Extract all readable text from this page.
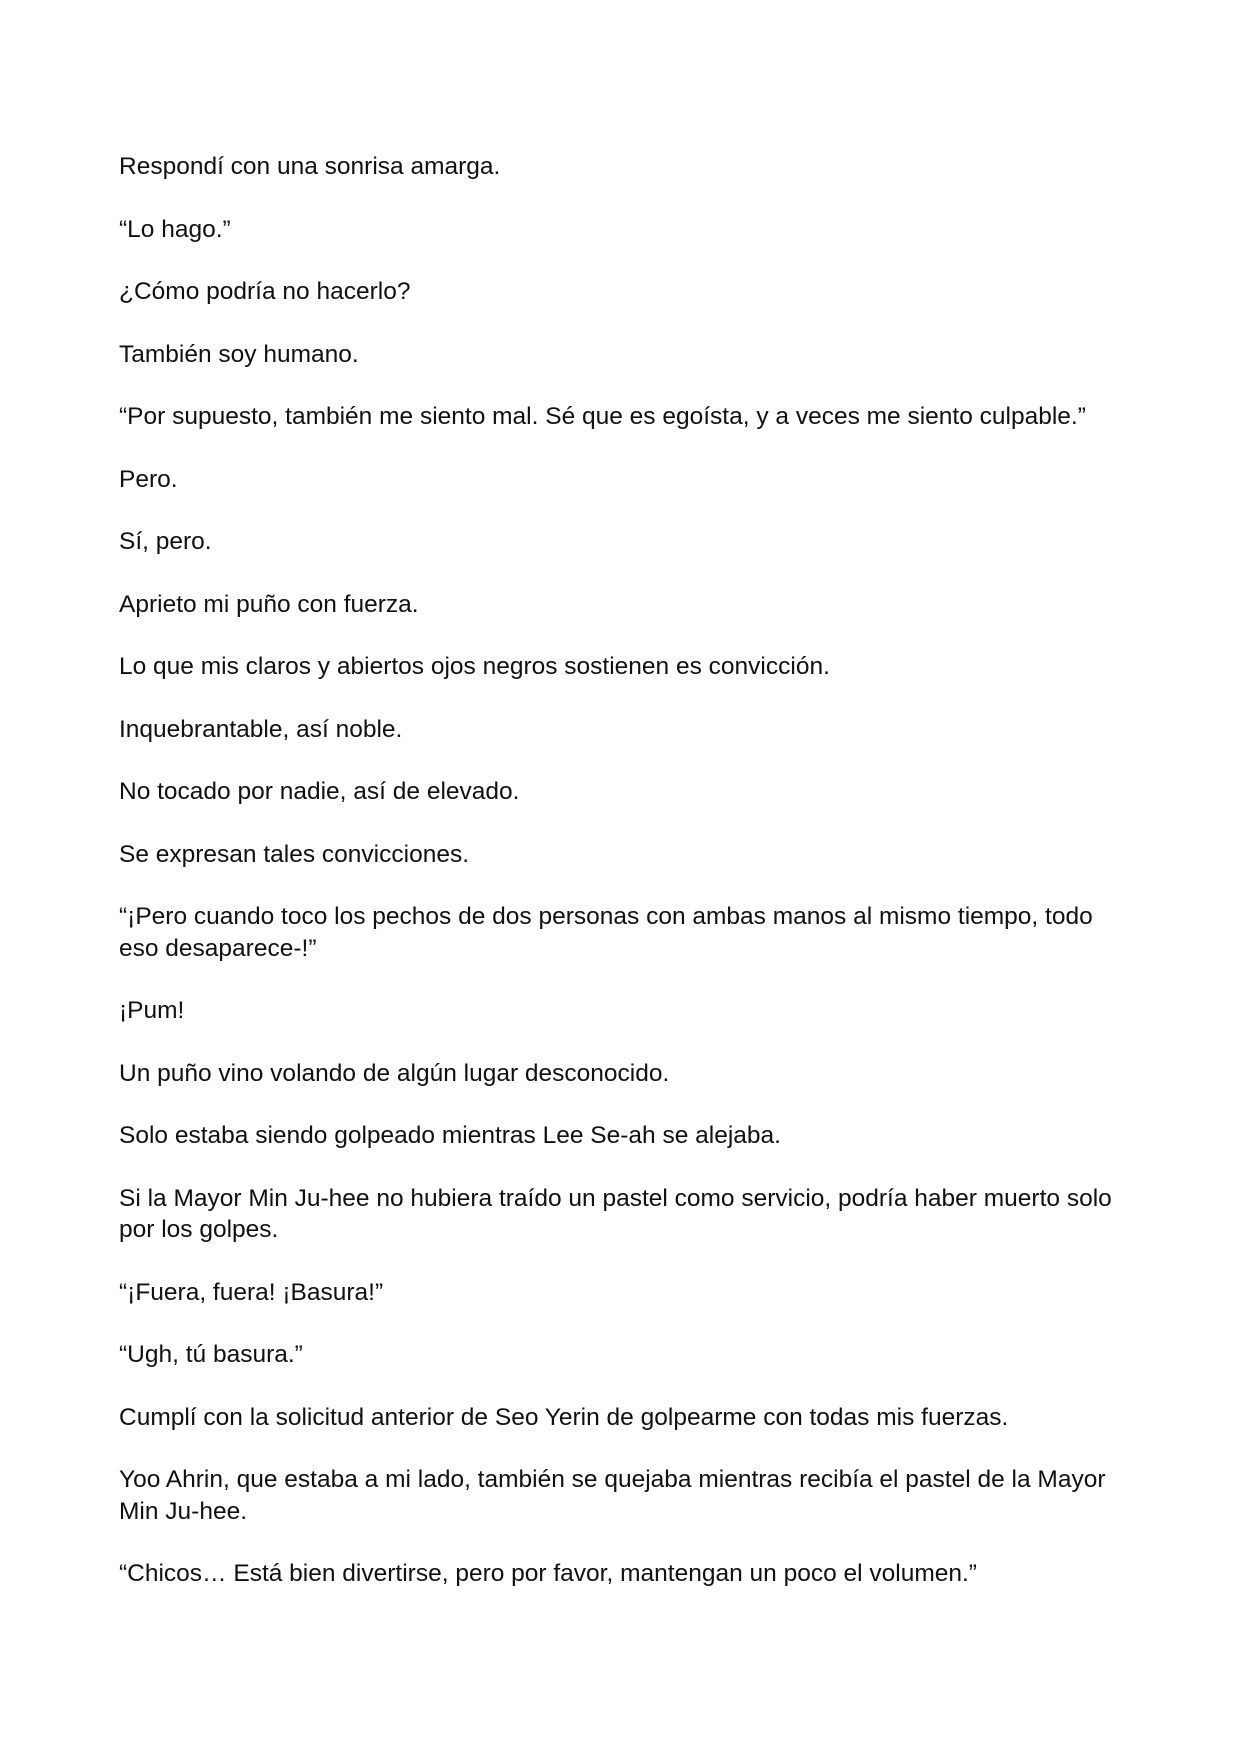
Respondí con una sonrisa amarga.

“Lo hago.”

¿Cómo podría no hacerlo?

También soy humano.

“Por supuesto, también me siento mal. Sé que es egoísta, y a veces me siento culpable.”

Pero.

Sí, pero.

Aprieto mi puño con fuerza.

Lo que mis claros y abiertos ojos negros sostienen es convicción.

Inquebrantable, así noble.

No tocado por nadie, así de elevado.

Se expresan tales convicciones.

“¡Pero cuando toco los pechos de dos personas con ambas manos al mismo tiempo, todo eso desaparece-!”

¡Pum!

Un puño vino volando de algún lugar desconocido.

Solo estaba siendo golpeado mientras Lee Se-ah se alejaba.

Si la Mayor Min Ju-hee no hubiera traído un pastel como servicio, podría haber muerto solo por los golpes.

“¡Fuera, fuera! ¡Basura!”

“Ugh, tú basura.”

Cumplí con la solicitud anterior de Seo Yerin de golpearme con todas mis fuerzas.

Yoo Ahrin, que estaba a mi lado, también se quejaba mientras recibía el pastel de la Mayor Min Ju-hee.

“Chicos… Está bien divertirse, pero por favor, mantengan un poco el volumen.”
